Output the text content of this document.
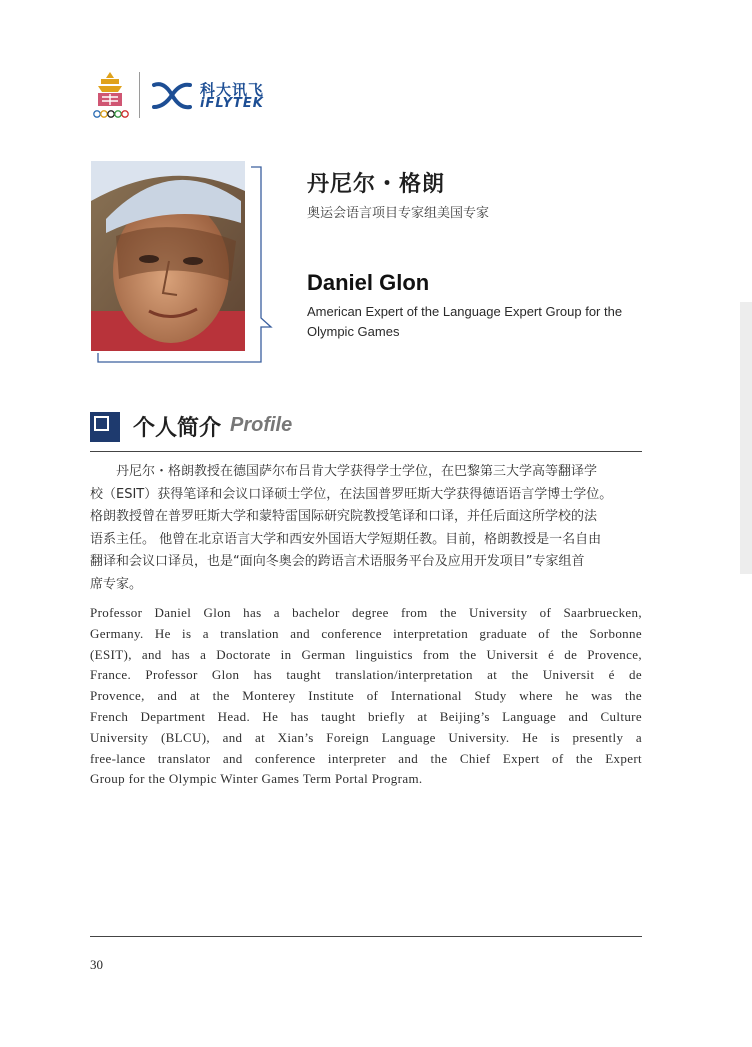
科大讯飞
iFLYTEK
丹尼尔・格朗
奥运会语言项目专家组美国专家
Daniel Glon
American Expert of the Language Expert Group for the Olympic Games
个人简介 Profile
丹尼尔・格朗教授在德国萨尔布吕肯大学获得学士学位，在巴黎第三大学高等翻译学
校（ESIT）获得笔译和会议口译硕士学位，在法国普罗旺斯大学获得德语语言学博士学位。
格朗教授曾在普罗旺斯大学和蒙特雷国际研究院教授笔译和口译，并任后面这所学校的法
语系主任。 他曾在北京语言大学和西安外国语大学短期任教。目前，格朗教授是一名自由
翻译和会议口译员，也是“面向冬奥会的跨语言术语服务平台及应用开发项目”专家组首
席专家。
Professor Daniel Glon has a bachelor degree from the University of Saarbruecken,
Germany. He is a translation and conference interpretation graduate of the Sorbonne
(ESIT), and has a Doctorate in German linguistics from the Universit é de Provence,
France. Professor Glon has taught translation/interpretation at the Universit é de
Provence, and at the Monterey Institute of International Study where he was the
French Department Head. He has taught briefly at Beijing’s Language and Culture
University (BLCU), and at Xian’s Foreign Language University. He is presently a
free-lance translator and conference interpreter and the Chief Expert of the Expert
Group for the Olympic Winter Games Term Portal Program.
30
